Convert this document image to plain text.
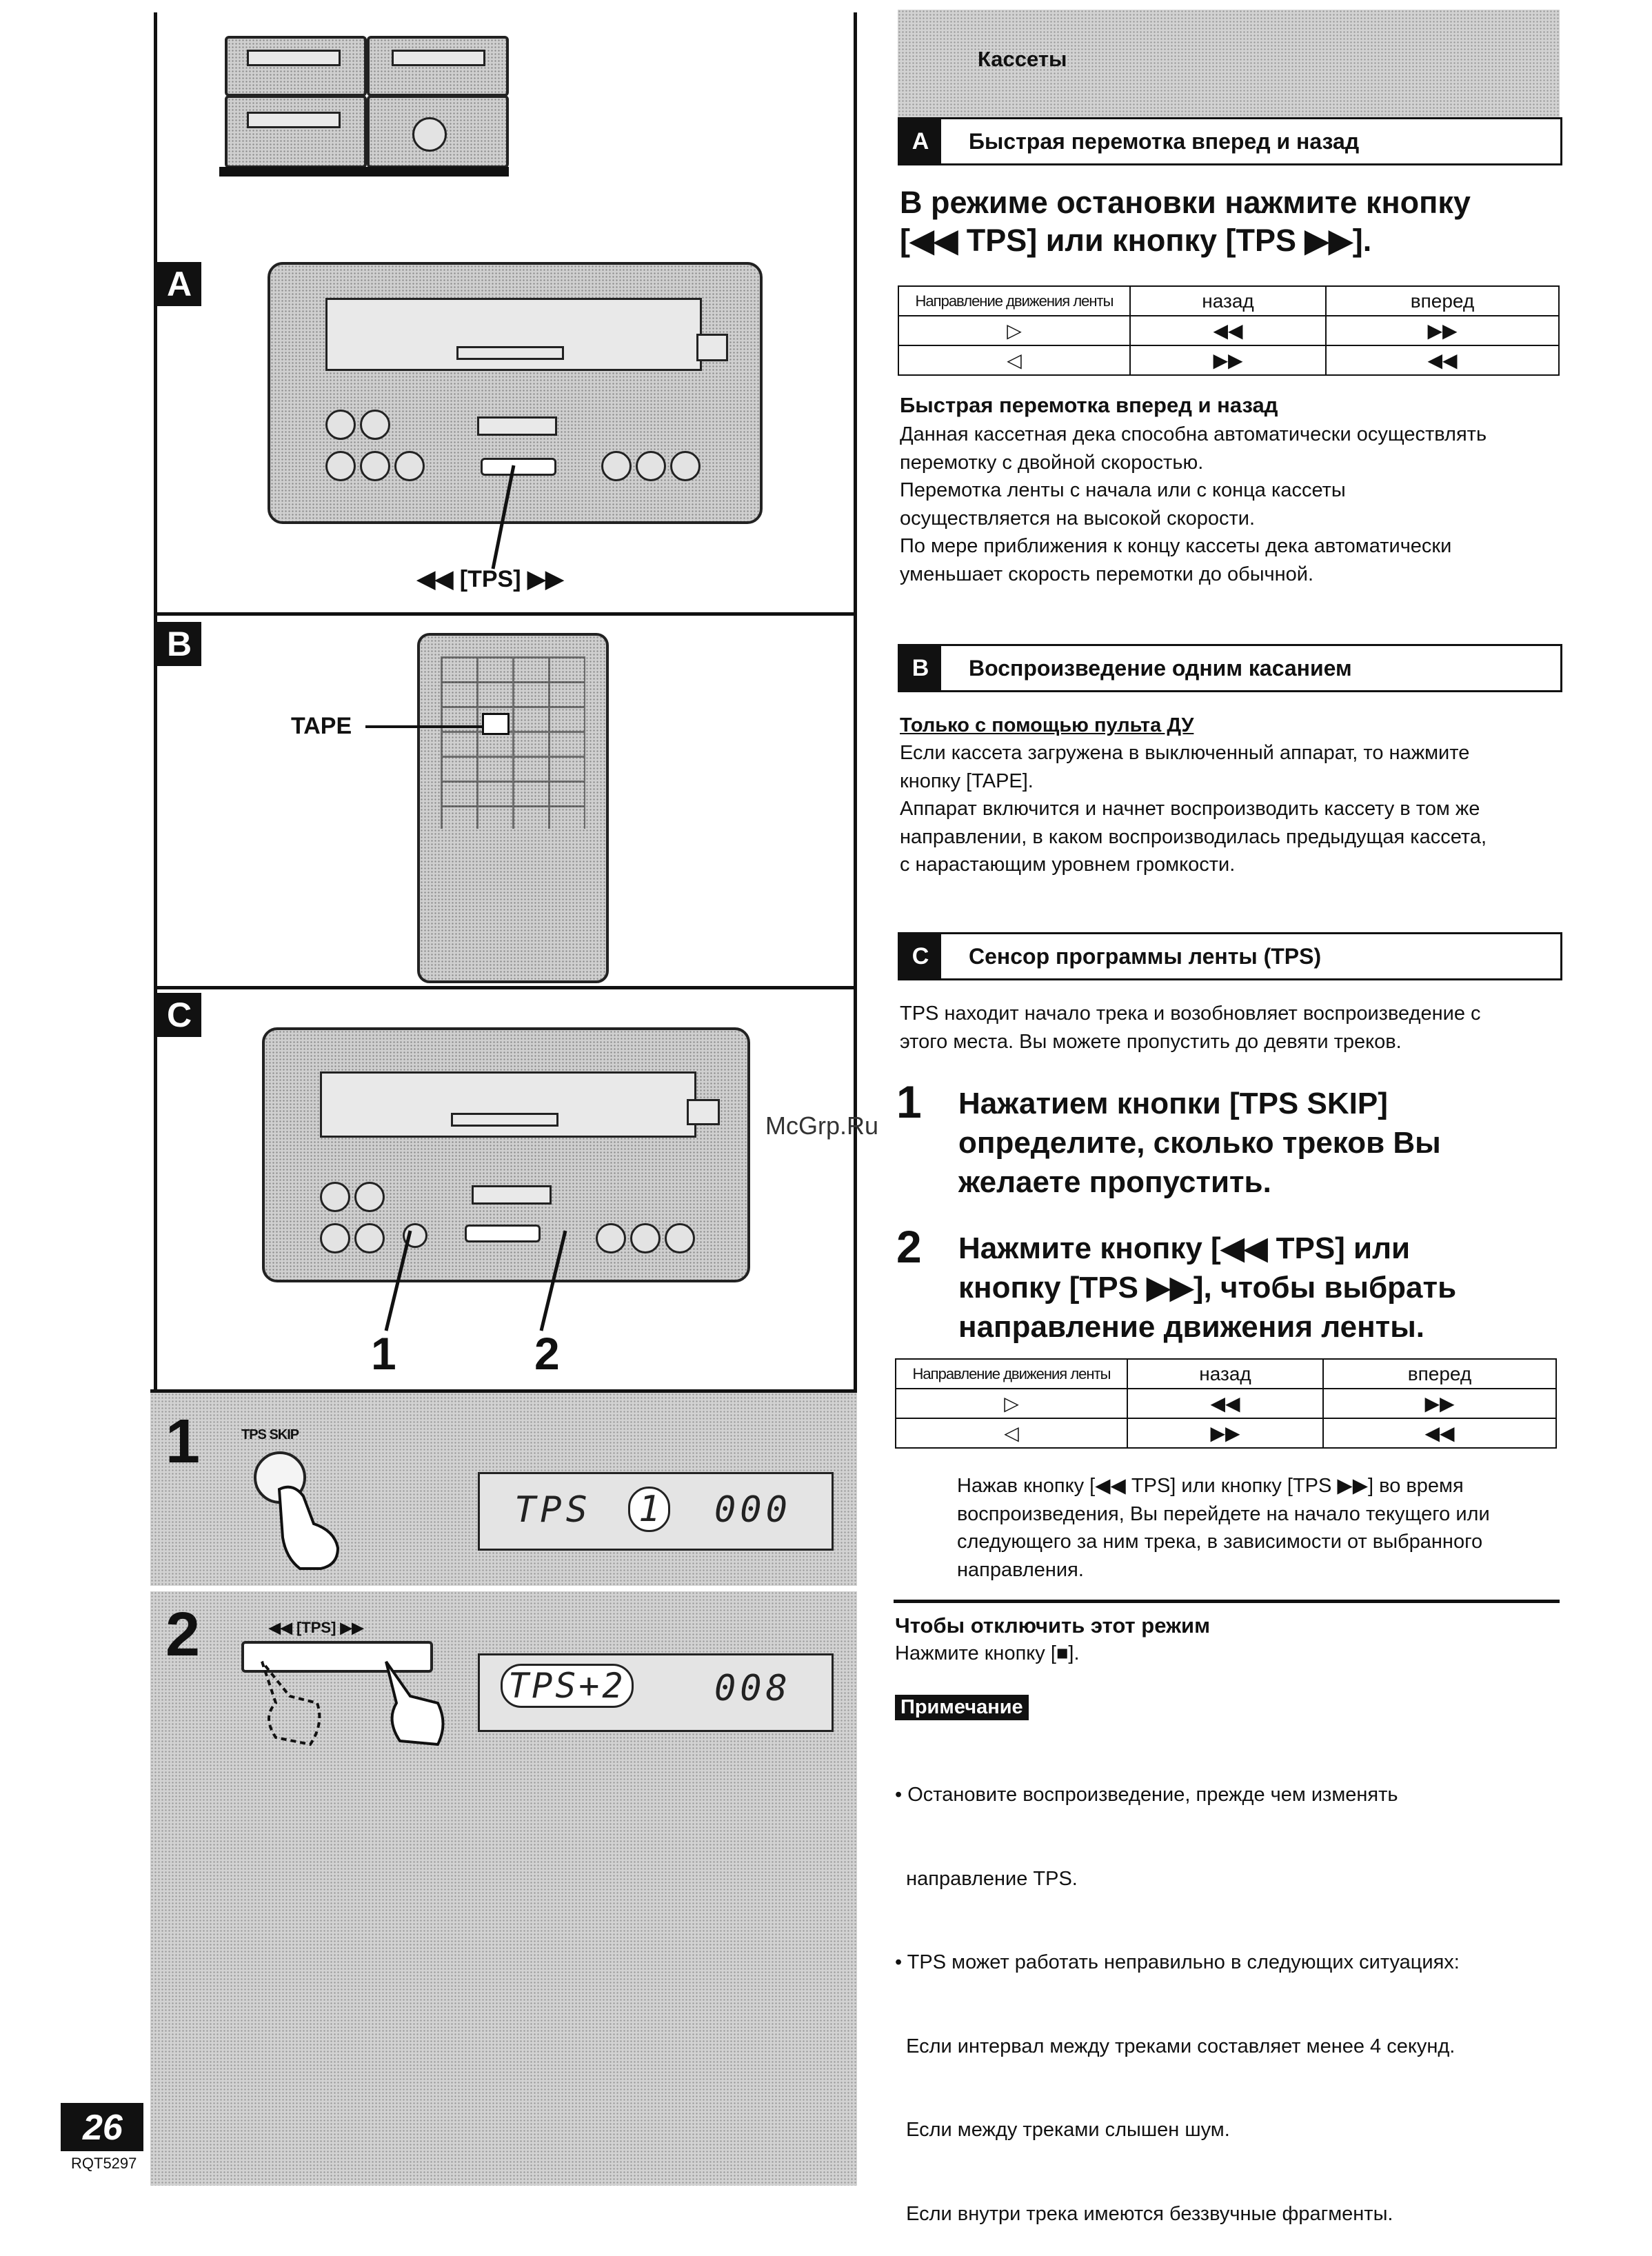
A
◀◀ [TPS] ▶▶
B
TAPE
C
1	2
1	TPS SKIP
TPS 1 000
2	◀◀ [TPS] ▶▶
TPS+2 008
26
RQT5297
Кассеты
A	Быстрая перемотка вперед и назад
В режиме остановки нажмите кнопку
[◀◀ TPS] или кнопку [TPS ▶▶].
Направление движения ленты	назад	вперед
▷	◀◀	▶▶
◁	▶▶	◀◀
Быстрая перемотка вперед и назад
Данная кассетная дека способна автоматически осуществлять
перемотку с двойной скоростью.
Перемотка ленты с начала или с конца кассеты
осуществляется на высокой скорости.
По мере приближения к концу кассеты дека автоматически
уменьшает скорость перемотки до обычной.
B	Воспроизведение одним касанием
Только с помощью пульта ДУ
Если кассета загружена в выключенный аппарат, то нажмите
кнопку [TAPE].
Аппарат включится и начнет воспроизводить кассету в том же
направлении, в каком воспроизводилась предыдущая кассета,
с нарастающим уровнем громкости.
C	Сенсор программы ленты (TPS)
TPS находит начало трека и возобновляет воспроизведение с
этого места. Вы можете пропустить до девяти треков.
1 Нажатием кнопки [TPS SKIP]
определите, сколько треков Вы
желаете пропустить.
2 Нажмите кнопку [◀◀ TPS] или
кнопку [TPS ▶▶], чтобы выбрать
направление движения ленты.
Направление движения ленты	назад	вперед
▷	◀◀	▶▶
◁	▶▶	◀◀
Нажав кнопку [◀◀ TPS] или кнопку [TPS ▶▶] во время
воспроизведения, Вы перейдете на начало текущего или
следующего за ним трека, в зависимости от выбранного
направления.
Чтобы отключить этот режим
Нажмите кнопку [■].
Примечание

• Остановите воспроизведение, прежде чем изменять

направление TPS.

• TPS может работать неправильно в следующих ситуациях:

Если интервал между треками составляет менее 4 секунд.

Если между треками слышен шум.

Если внутри трека имеются беззвучные фрагменты.

McGrp.Ru
